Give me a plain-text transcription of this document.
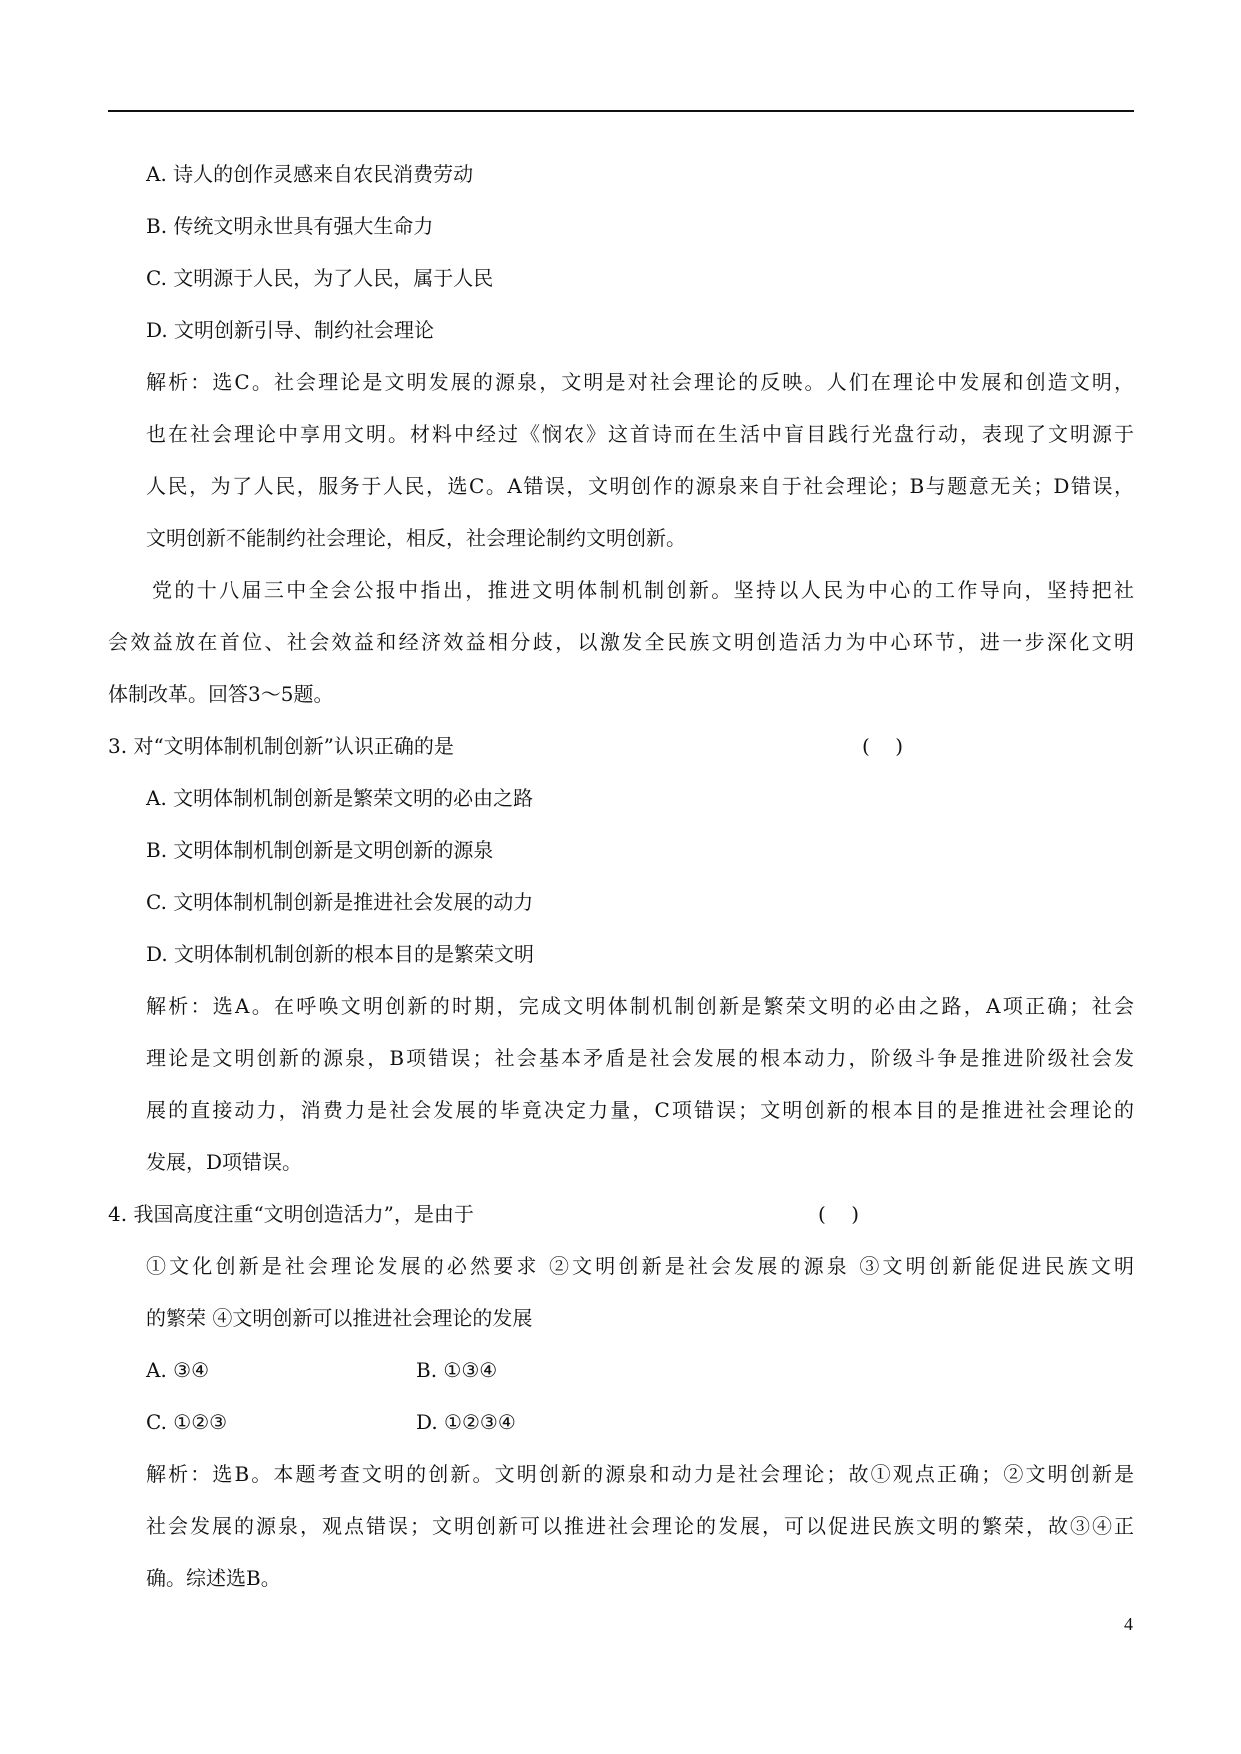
A. 诗人的创作灵感来自农民消费劳动
B. 传统文明永世具有强大生命力
C. 文明源于人民，为了人民，属于人民
D. 文明创新引导、制约社会理论
解析：选C。社会理论是文明发展的源泉，文明是对社会理论的反映。人们在理论中发展和创造文明，
也在社会理论中享用文明。材料中经过《悯农》这首诗而在生活中盲目践行光盘行动，表现了文明源于
人民，为了人民，服务于人民，选C。A错误，文明创作的源泉来自于社会理论；B与题意无关；D错误，
文明创新不能制约社会理论，相反，社会理论制约文明创新。
党的十八届三中全会公报中指出，推进文明体制机制创新。坚持以人民为中心的工作导向，坚持把社
会效益放在首位、社会效益和经济效益相分歧，以激发全民族文明创造活力为中心环节，进一步深化文明
体制改革。回答3～5题。
3. 对“文明体制机制创新”认识正确的是	(    )
A. 文明体制机制创新是繁荣文明的必由之路
B. 文明体制机制创新是文明创新的源泉
C. 文明体制机制创新是推进社会发展的动力
D. 文明体制机制创新的根本目的是繁荣文明
解析：选A。在呼唤文明创新的时期，完成文明体制机制创新是繁荣文明的必由之路，A项正确；社会
理论是文明创新的源泉，B项错误；社会基本矛盾是社会发展的根本动力，阶级斗争是推进阶级社会发
展的直接动力，消费力是社会发展的毕竟决定力量，C项错误；文明创新的根本目的是推进社会理论的
发展，D项错误。
4. 我国高度注重“文明创造活力”，是由于	(    )
①文化创新是社会理论发展的必然要求 ②文明创新是社会发展的源泉 ③文明创新能促进民族文明
的繁荣 ④文明创新可以推进社会理论的发展
A. ③④	B. ①③④
C. ①②③	D. ①②③④
解析：选B。本题考查文明的创新。文明创新的源泉和动力是社会理论；故①观点正确；②文明创新是
社会发展的源泉，观点错误；文明创新可以推进社会理论的发展，可以促进民族文明的繁荣，故③④正
确。综述选B。
4
